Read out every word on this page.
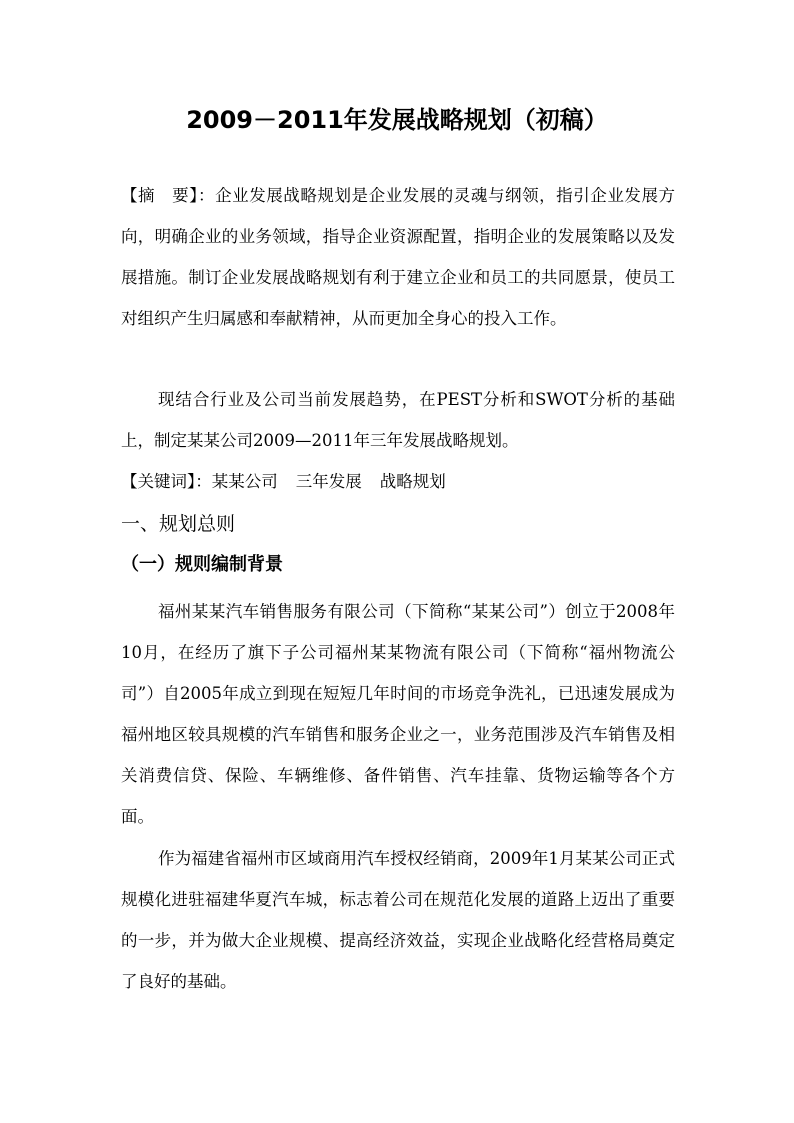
2009－2011年发展战略规划（初稿）

【摘　要】：企业发展战略规划是企业发展的灵魂与纲领，指引企业发展方向，明确企业的业务领域，指导企业资源配置，指明企业的发展策略以及发展措施。制订企业发展战略规划有利于建立企业和员工的共同愿景，使员工对组织产生归属感和奉献精神，从而更加全身心的投入工作。

现结合行业及公司当前发展趋势，在PEST分析和SWOT分析的基础上，制定某某公司2009—2011年三年发展战略规划。

【关键词】：某某公司 三年发展 战略规划

一、规划总则
（一）规则编制背景

福州某某汽车销售服务有限公司（下简称“某某公司”）创立于2008年10月，在经历了旗下子公司福州某某物流有限公司（下简称“福州物流公司”）自2005年成立到现在短短几年时间的市场竞争洗礼，已迅速发展成为福州地区较具规模的汽车销售和服务企业之一，业务范围涉及汽车销售及相关消费信贷、保险、车辆维修、备件销售、汽车挂靠、货物运输等各个方面。

作为福建省福州市区域商用汽车授权经销商，2009年1月某某公司正式规模化进驻福建华夏汽车城，标志着公司在规范化发展的道路上迈出了重要的一步，并为做大企业规模、提高经济效益，实现企业战略化经营格局奠定了良好的基础。
